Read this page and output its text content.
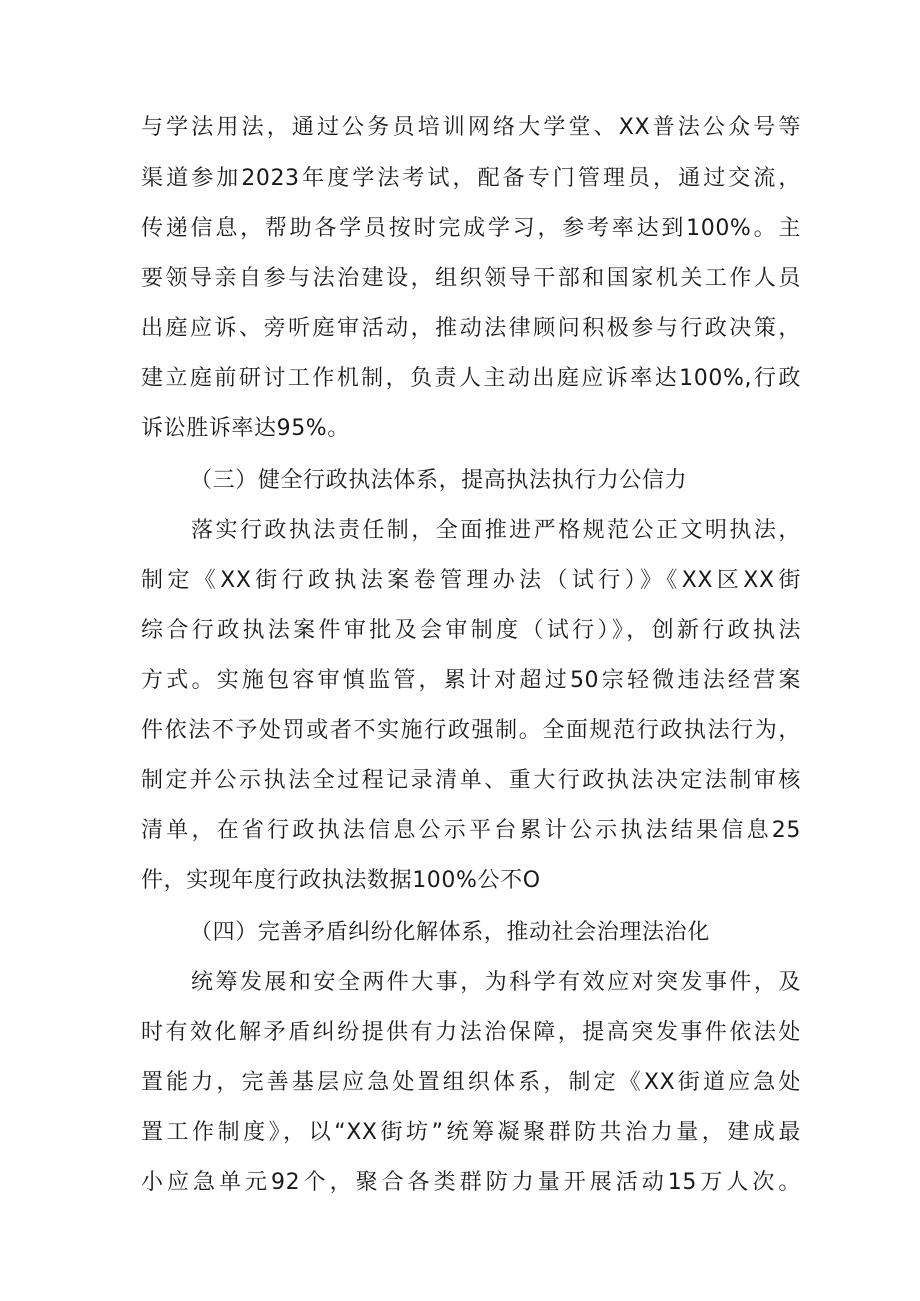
与学法用法，通过公务员培训网络大学堂、XX普法公众号等
渠道参加2023年度学法考试，配备专门管理员，通过交流，
传递信息，帮助各学员按时完成学习，参考率达到100%。主
要领导亲自参与法治建设，组织领导干部和国家机关工作人员
出庭应诉、旁听庭审活动，推动法律顾问积极参与行政决策，
建立庭前研讨工作机制，负责人主动出庭应诉率达100%,行政
诉讼胜诉率达95%。
（三）健全行政执法体系，提高执法执行力公信力
落实行政执法责任制，全面推进严格规范公正文明执法，
制定《XX街行政执法案卷管理办法（试行）》《XX区XX街
综合行政执法案件审批及会审制度（试行）》，创新行政执法
方式。实施包容审慎监管，累计对超过50宗轻微违法经营案
件依法不予处罚或者不实施行政强制。全面规范行政执法行为，
制定并公示执法全过程记录清单、重大行政执法决定法制审核
清单，在省行政执法信息公示平台累计公示执法结果信息25
件，实现年度行政执法数据100%公不O
（四）完善矛盾纠纷化解体系，推动社会治理法治化
统筹发展和安全两件大事，为科学有效应对突发事件，及
时有效化解矛盾纠纷提供有力法治保障，提高突发事件依法处
置能力，完善基层应急处置组织体系，制定《XX街道应急处
置工作制度》，以“XX街坊”统筹凝聚群防共治力量，建成最
小应急单元92个，聚合各类群防力量开展活动15万人次。
